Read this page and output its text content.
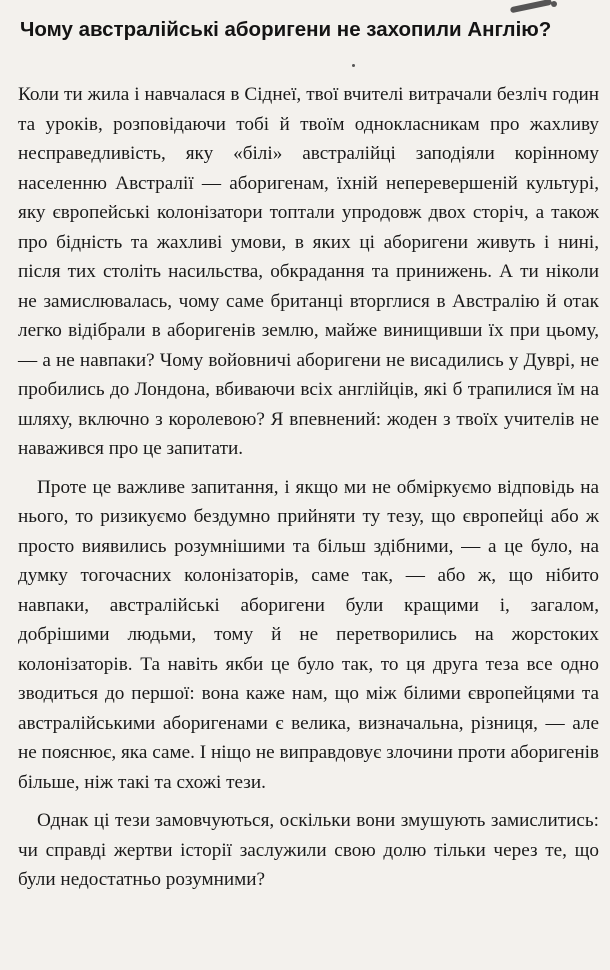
Чому австралійські аборигени не захопили Англію?

Коли ти жила і навчалася в Сіднеї, твої вчителі витрачали безліч годин та уроків, розповідаючи тобі й твоїм однокласникам про жахливу несправедливість, яку «білі» австралійці заподіяли корінному населенню Австралії — аборигенам, їхній неперевершеній культурі, яку європейські колонізатори топтали упродовж двох сторіч, а також про бідність та жахливі умови, в яких ці аборигени живуть і нині, після тих століть насильства, обкрадання та принижень. А ти ніколи не замислювалась, чому саме британці вторглися в Австралію й отак легко відібрали в аборигенів землю, майже винищивши їх при цьому, — а не навпаки? Чому войовничі аборигени не висадились у Дуврі, не пробились до Лондона, вбиваючи всіх англійців, які б трапилися їм на шляху, включно з королевою? Я впевнений: жоден з твоїх учителів не наважився про це запитати.

Проте це важливе запитання, і якщо ми не обміркуємо відповідь на нього, то ризикуємо бездумно прийняти ту тезу, що європейці або ж просто виявились розумнішими та більш здібними, — а це було, на думку тогочасних колонізаторів, саме так, — або ж, що нібито навпаки, австралійські аборигени були кращими і, загалом, добрішими людьми, тому й не перетворились на жорстоких колонізаторів. Та навіть якби це було так, то ця друга теза все одно зводиться до першої: вона каже нам, що між білими європейцями та австралійськими аборигенами є велика, визначальна, різниця, — але не пояснює, яка саме. І ніщо не виправдовує злочини проти аборигенів більше, ніж такі та схожі тези.

Однак ці тези замовчуються, оскільки вони змушують замислитись: чи справді жертви історії заслужили свою долю тільки через те, що були недостатньо розумними?
